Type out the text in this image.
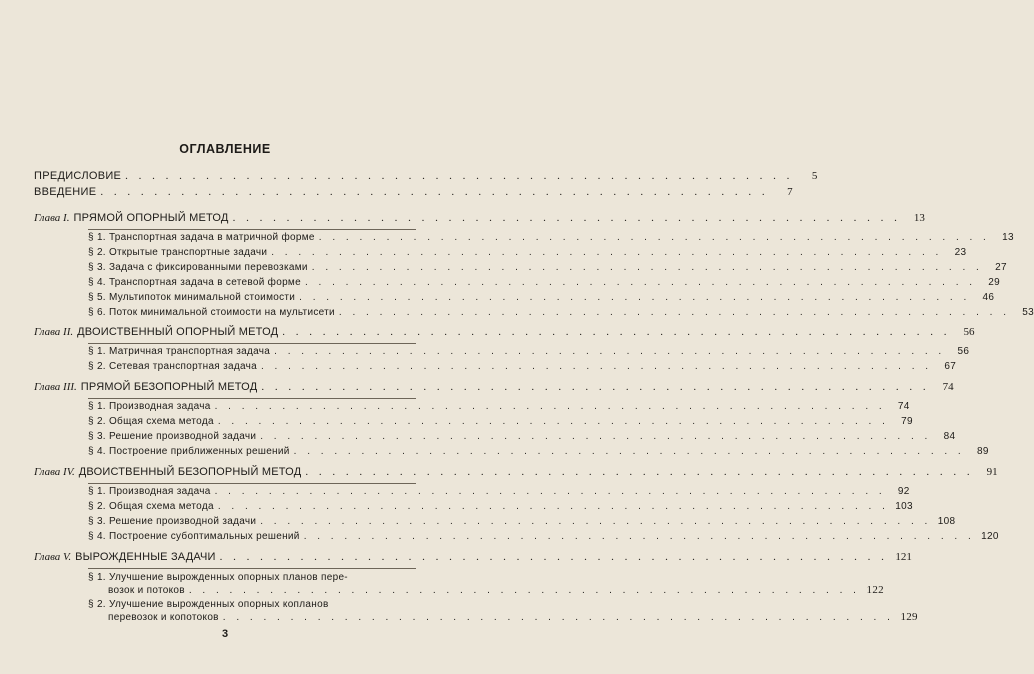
ОГЛАВЛЕНИЕ
ПРЕДИСЛОВИЕ . . . . . . . . . . . . . . . . . . . . . . . . . . . . . . . . . . . . . . . . . . . . . . . . . .	5
ВВЕДЕНИЕ . . . . . . . . . . . . . . . . . . . . . . . . . . . . . . . . . . . . . . . . . . . . . . . . . .	7
Глава I. ПРЯМОЙ ОПОРНЫЙ МЕТОД . . . . . . . . . . . . . . . . . . . . . . . . . . . . . . . . . . . . . . . . . . . . . . . . . .	13
§ 1. Транспортная задача в матричной форме . . . . . . . . . . . . . . . . . . . . . . . . . . . . . . . . . . . . . . . . . . . . . . . . . .	13
§ 2. Открытые транспортные задачи . . . . . . . . . . . . . . . . . . . . . . . . . . . . . . . . . . . . . . . . . . . . . . . . . .	23
§ 3. Задача с фиксированными перевозками . . . . . . . . . . . . . . . . . . . . . . . . . . . . . . . . . . . . . . . . . . . . . . . . . .	27
§ 4. Транспортная задача в сетевой форме . . . . . . . . . . . . . . . . . . . . . . . . . . . . . . . . . . . . . . . . . . . . . . . . . .	29
§ 5. Мультипоток минимальной стоимости . . . . . . . . . . . . . . . . . . . . . . . . . . . . . . . . . . . . . . . . . . . . . . . . . .	46
§ 6. Поток минимальной стоимости на мультисети . . . . . . . . . . . . . . . . . . . . . . . . . . . . . . . . . . . . . . . . . . . . . . . . . .	53
Глава II. ДВОИСТВЕННЫЙ ОПОРНЫЙ МЕТОД . . . . . . . . . . . . . . . . . . . . . . . . . . . . . . . . . . . . . . . . . . . . . . . . . .	56
§ 1. Матричная транспортная задача . . . . . . . . . . . . . . . . . . . . . . . . . . . . . . . . . . . . . . . . . . . . . . . . . .	56
§ 2. Сетевая транспортная задача . . . . . . . . . . . . . . . . . . . . . . . . . . . . . . . . . . . . . . . . . . . . . . . . . .	67
Глава III. ПРЯМОЙ БЕЗОПОРНЫЙ МЕТОД . . . . . . . . . . . . . . . . . . . . . . . . . . . . . . . . . . . . . . . . . . . . . . . . . .	74
§ 1. Производная задача . . . . . . . . . . . . . . . . . . . . . . . . . . . . . . . . . . . . . . . . . . . . . . . . . .	74
§ 2. Общая схема метода . . . . . . . . . . . . . . . . . . . . . . . . . . . . . . . . . . . . . . . . . . . . . . . . . .	79
§ 3. Решение производной задачи . . . . . . . . . . . . . . . . . . . . . . . . . . . . . . . . . . . . . . . . . . . . . . . . . .	84
§ 4. Построение приближенных решений . . . . . . . . . . . . . . . . . . . . . . . . . . . . . . . . . . . . . . . . . . . . . . . . . .	89
Глава IV. ДВОИСТВЕННЫЙ БЕЗОПОРНЫЙ МЕТОД . . . . . . . . . . . . . . . . . . . . . . . . . . . . . . . . . . . . . . . . . . . . . . . . . .	91
§ 1. Производная задача . . . . . . . . . . . . . . . . . . . . . . . . . . . . . . . . . . . . . . . . . . . . . . . . . .	92
§ 2. Общая схема метода . . . . . . . . . . . . . . . . . . . . . . . . . . . . . . . . . . . . . . . . . . . . . . . . . . 103
§ 3. Решение производной задачи . . . . . . . . . . . . . . . . . . . . . . . . . . . . . . . . . . . . . . . . . . . . . . . . . . 108
§ 4. Построение субоптимальных решений . . . . . . . . . . . . . . . . . . . . . . . . . . . . . . . . . . . . . . . . . . . . . . . . . . 120
Глава V. ВЫРОЖДЕННЫЕ ЗАДАЧИ . . . . . . . . . . . . . . . . . . . . . . . . . . . . . . . . . . . . . . . . . . . . . . . . . . 121
§ 1. Улучшение вырожденных опорных планов пере-
возок и потоков . . . . . . . . . . . . . . . . . . . . . . . . . . . . . . . . . . . . . . . . . . . . . . . . . . 122
§ 2. Улучшение вырожденных опорных копланов
перевозок и копотоков . . . . . . . . . . . . . . . . . . . . . . . . . . . . . . . . . . . . . . . . . . . . . . . . . . 129
3
